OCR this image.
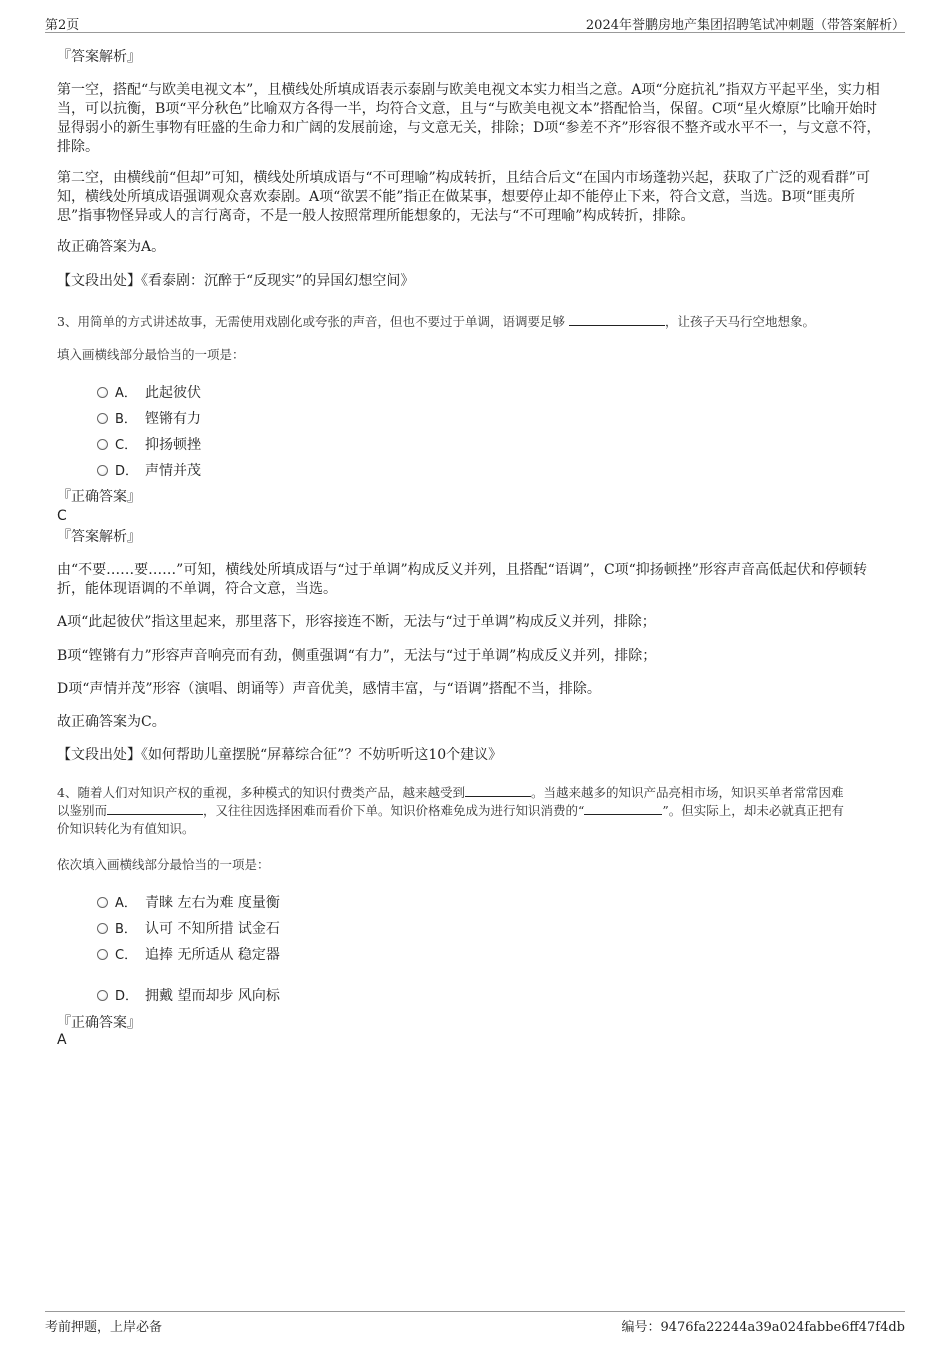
第2页	2024年誉鹏房地产集团招聘笔试冲刺题（带答案解析）
『答案解析』
第一空，搭配“与欧美电视文本”，且横线处所填成语表示泰剧与欧美电视文本实力相当之意。A项“分庭抗礼”指双方平起平坐，实力相当，可以抗衡，B项“平分秋色”比喻双方各得一半，均符合文意，且与“与欧美电视文本”搭配恰当，保留。C项“星火燎原”比喻开始时显得弱小的新生事物有旺盛的生命力和广阔的发展前途，与文意无关，排除；D项“参差不齐”形容很不整齐或水平不一，与文意不符，排除。
第二空，由横线前“但却”可知，横线处所填成语与“不可理喻”构成转折，且结合后文“在国内市场蓬勃兴起，获取了广泛的观看群”可知，横线处所填成语强调观众喜欢泰剧。A项“欲罢不能”指正在做某事，想要停止却不能停止下来，符合文意，当选。B项“匪夷所思”指事物怪异或人的言行离奇，不是一般人按照常理所能想象的，无法与“不可理喻”构成转折，排除。
故正确答案为A。
【文段出处】《看泰剧：沉醉于“反现实”的异国幻想空间》
3、用简单的方式讲述故事，无需使用戏剧化或夸张的声音，但也不要过于单调，语调要足够	，让孩子天马行空地想象。
填入画横线部分最恰当的一项是：
A． 此起彼伏
B． 铿锵有力
C． 抑扬顿挫
D． 声情并茂
『正确答案』
C
『答案解析』
由“不要……要……”可知，横线处所填成语与“过于单调”构成反义并列，且搭配“语调”，C项“抑扬顿挫”形容声音高低起伏和停顿转折，能体现语调的不单调，符合文意，当选。
A项“此起彼伏”指这里起来，那里落下，形容接连不断，无法与“过于单调”构成反义并列，排除；
B项“铿锵有力”形容声音响亮而有劲，侧重强调“有力”，无法与“过于单调”构成反义并列，排除；
D项“声情并茂”形容（演唱、朗诵等）声音优美，感情丰富，与“语调”搭配不当，排除。
故正确答案为C。
【文段出处】《如何帮助儿童摆脱“屏幕综合征”？不妨听听这10个建议》
4、随着人们对知识产权的重视，多种模式的知识付费类产品，越来越受到	。当越来越多的知识产品亮相市场，知识买单者常常因难
以鉴别而	，又往往因选择困难而看价下单。知识价格难免成为进行知识消费的“	”。但实际上，却未必就真正把有
价知识转化为有值知识。
依次填入画横线部分最恰当的一项是：
A． 青睐 左右为难 度量衡
B． 认可 不知所措 试金石
C． 追捧 无所适从 稳定器
D． 拥戴 望而却步 风向标
『正确答案』
A
考前押题，上岸必备	编号：9476fa22244a39a024fabbe6ff47f4db
